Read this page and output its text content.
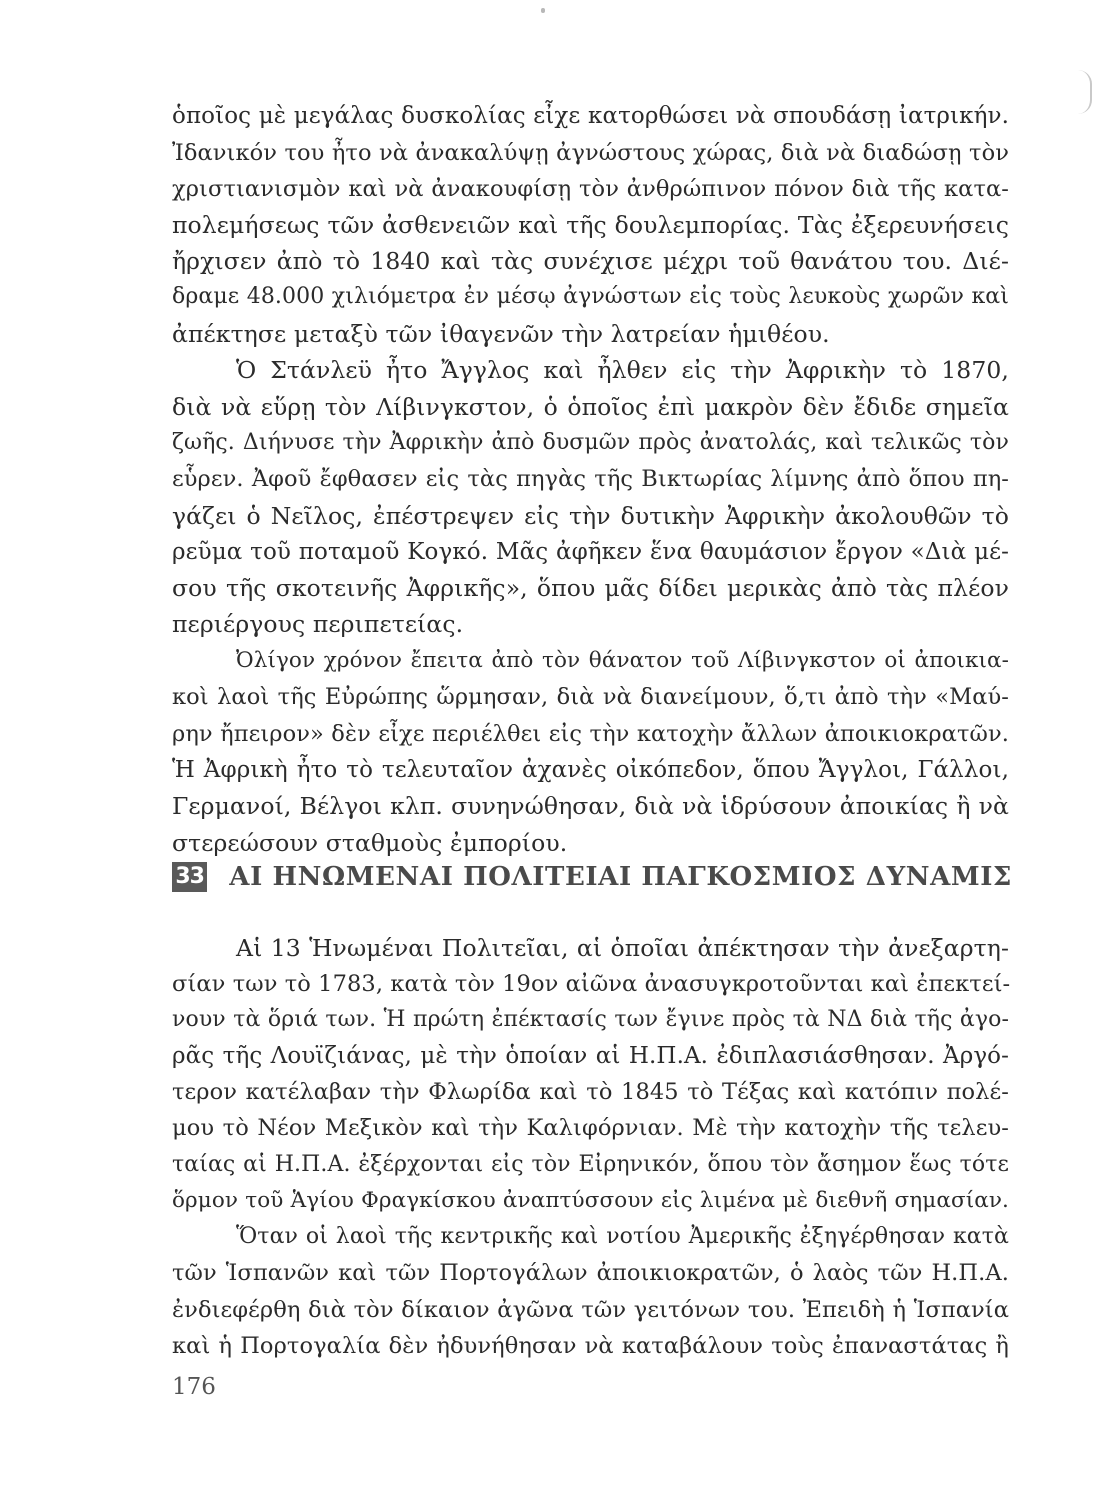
ὁποῖος μὲ μεγάλας δυσκολίας εἶχε κατορθώσει νὰ σπουδάσῃ ἰατρικήν.
Ἰδανικόν του ἦτο νὰ ἀνακαλύψῃ ἀγνώστους χώρας, διὰ νὰ διαδώσῃ τὸν
χριστιανισμὸν καὶ νὰ ἀνακουφίσῃ τὸν ἀνθρώπινον πόνον διὰ τῆς κατα-
πολεμήσεως τῶν ἀσθενειῶν καὶ τῆς δουλεμπορίας. Τὰς ἐξερευνήσεις
ἤρχισεν ἀπὸ τὸ 1840 καὶ τὰς συνέχισε μέχρι τοῦ θανάτου του. Διέ-
δραμε 48.000 χιλιόμετρα ἐν μέσῳ ἀγνώστων εἰς τοὺς λευκοὺς χωρῶν καὶ
ἀπέκτησε μεταξὺ τῶν ἰθαγενῶν τὴν λατρείαν ἡμιθέου.
Ὁ Στάνλεϋ ἦτο Ἄγγλος καὶ ἦλθεν εἰς τὴν Ἀφρικὴν τὸ 1870,
διὰ νὰ εὕρῃ τὸν Λίβινγκστον, ὁ ὁποῖος ἐπὶ μακρὸν δὲν ἔδιδε σημεῖα
ζωῆς. Διήνυσε τὴν Ἀφρικὴν ἀπὸ δυσμῶν πρὸς ἀνατολάς, καὶ τελικῶς τὸν
εὗρεν. Ἀφοῦ ἔφθασεν εἰς τὰς πηγὰς τῆς Βικτωρίας λίμνης ἀπὸ ὅπου πη-
γάζει ὁ Νεῖλος, ἐπέστρεψεν εἰς τὴν δυτικὴν Ἀφρικὴν ἀκολουθῶν τὸ
ρεῦμα τοῦ ποταμοῦ Κογκό. Μᾶς ἀφῆκεν ἕνα θαυμάσιον ἔργον «Διὰ μέ-
σου τῆς σκοτεινῆς Ἀφρικῆς», ὅπου μᾶς δίδει μερικὰς ἀπὸ τὰς πλέον
περιέργους περιπετείας.
Ὀλίγον χρόνον ἔπειτα ἀπὸ τὸν θάνατον τοῦ Λίβινγκστον οἱ ἀποικια-
κοὶ λαοὶ τῆς Εὐρώπης ὥρμησαν, διὰ νὰ διανείμουν, ὅ,τι ἀπὸ τὴν «Μαύ-
ρην ἤπειρον» δὲν εἶχε περιέλθει εἰς τὴν κατοχὴν ἄλλων ἀποικιοκρατῶν.
Ἡ Ἀφρικὴ ἦτο τὸ τελευταῖον ἀχανὲς οἰκόπεδον, ὅπου Ἄγγλοι, Γάλλοι,
Γερμανοί, Βέλγοι κλπ. συνηνώθησαν, διὰ νὰ ἱδρύσουν ἀποικίας ἢ νὰ
στερεώσουν σταθμοὺς ἐμπορίου.
33 ΑΙ ΗΝΩΜΕΝΑΙ ΠΟΛΙΤΕΙΑΙ ΠΑΓΚΟΣΜΙΟΣ ΔΥΝΑΜΙΣ
Αἱ 13 Ἡνωμέναι Πολιτεῖαι, αἱ ὁποῖαι ἀπέκτησαν τὴν ἀνεξαρτη-
σίαν των τὸ 1783, κατὰ τὸν 19ον αἰῶνα ἀνασυγκροτοῦνται καὶ ἐπεκτεί-
νουν τὰ ὅριά των. Ἡ πρώτη ἐπέκτασίς των ἔγινε πρὸς τὰ ΝΔ διὰ τῆς ἀγο-
ρᾶς τῆς Λουϊζιάνας, μὲ τὴν ὁποίαν αἱ Η.Π.Α. ἐδιπλασιάσθησαν. Ἀργό-
τερον κατέλαβαν τὴν Φλωρίδα καὶ τὸ 1845 τὸ Τέξας καὶ κατόπιν πολέ-
μου τὸ Νέον Μεξικὸν καὶ τὴν Καλιφόρνιαν. Μὲ τὴν κατοχὴν τῆς τελευ-
ταίας αἱ Η.Π.Α. ἐξέρχονται εἰς τὸν Εἰρηνικόν, ὅπου τὸν ἄσημον ἕως τότε
ὅρμον τοῦ Ἁγίου Φραγκίσκου ἀναπτύσσουν εἰς λιμένα μὲ διεθνῆ σημασίαν.
Ὅταν οἱ λαοὶ τῆς κεντρικῆς καὶ νοτίου Ἀμερικῆς ἐξηγέρθησαν κατὰ
τῶν Ἱσπανῶν καὶ τῶν Πορτογάλων ἀποικιοκρατῶν, ὁ λαὸς τῶν Η.Π.Α.
ἐνδιεφέρθη διὰ τὸν δίκαιον ἀγῶνα τῶν γειτόνων του. Ἐπειδὴ ἡ Ἱσπανία
καὶ ἡ Πορτογαλία δὲν ἠδυνήθησαν νὰ καταβάλουν τοὺς ἐπαναστάτας ἢ
176
